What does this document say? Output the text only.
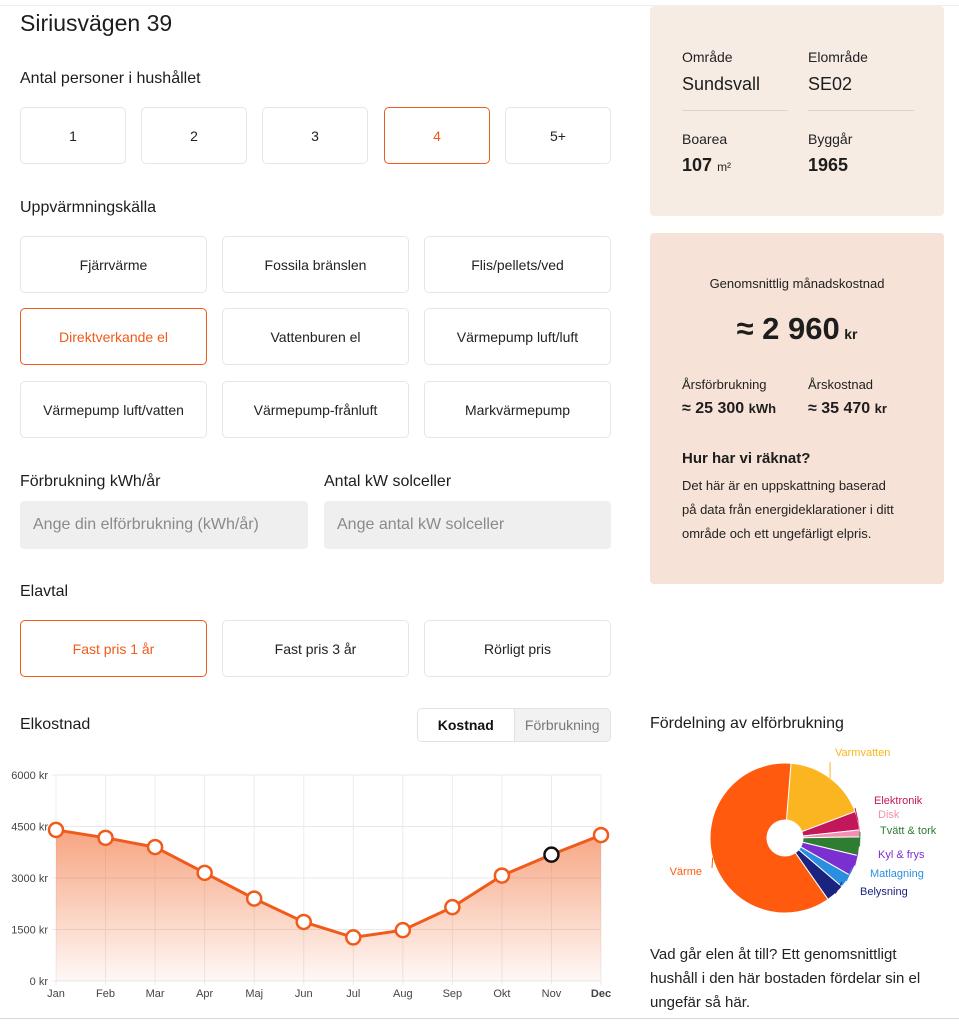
Siriusvägen 39
Antal personer i hushållet
1	2	3	4	5+
Uppvärmningskälla
Fjärrvärme	Fossila bränslen	Flis/pellets/ved
Direktverkande el	Vattenburen el	Värmepump luft/luft
Värmepump luft/vatten	Värmepump-frånluft	Markvärmepump
Förbrukning kWh/år
Ange din elförbrukning (kWh/år)	Antal kW solceller
Ange antal kW solceller
Elavtal
Fast pris 1 år	Fast pris 3 år	Rörligt pris
Område
Sundsvall
Elområde
SE02
Boarea
107 m²
Byggår
1965
Genomsnittlig månadskostnad
≈ 2 960 kr
Årsförbrukning
≈ 25 300 kWh
Årskostnad
≈ 35 470 kr
Hur har vi räknat?
Det här är en uppskattning baserad
på data från energideklarationer i ditt
område och ett ungefärligt elpris.
Elkostnad	Kostnad	Förbrukning
0 kr
1500 kr
3000 kr
4500 kr
6000 kr
Jan	Feb	Mar	Apr	Maj	Jun	Jul	Aug	Sep	Okt	Nov	Dec
Fördelning av elförbrukning
Varmvatten
Elektronik
Disk
Tvätt & tork
Kyl & frys
Matlagning
Belysning
Värme
Vad går elen åt till? Ett genomsnittligt
hushåll i den här bostaden fördelar sin el
ungefär så här.
